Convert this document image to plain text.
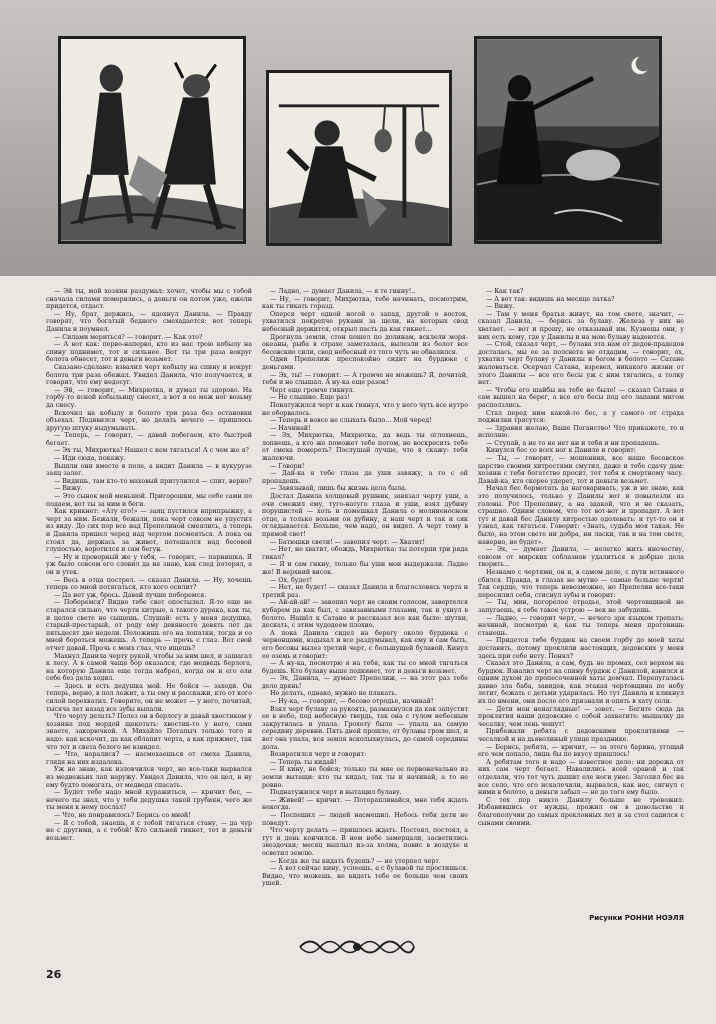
— Эй ты, мой хозяин раздумал: хочет, чтобы мы с тобой сначала силами померились, а деньги он потом уже, ежели придется, отдаст.

— Ну, брат, держись, — ядохнул Данила. — Правду говорят, что богатый бедного смехадается: вот теперь Данила и поумнел.

— Силами мериться? — говорит. — Как это?

— А вот как: перво-наперво, кто из нас трою кобылу на спину поднимет, тот и сильнее. Вот ты три раза вокруг болота обнесет, тот и деньги возьмет.

Сказано-сделано: взвалил черт кобылу на спину и вокруг болота три раза обежал. Увидел Данила, что получается, и говорит, что ему недосуг.

— Эй, — говорит, — Михрютка, и думал ты здорово. На горбу-то ясной кобыльицу снесет, а вот я ее меж ног возьму да снесу.

Вскочил на кобылу и болото три раза без остановки объехал. Подивился черт, но делать нечего — пришлось другую штуку выдумывать.

— Теперь, — говорит, — давай побегаем, кто быстрей бегает.

— Эх ты, Михрютка! Нашел с кем тягаться! А с чем же я?

— Иди сюда, покажу.

Вышли они вместе в поле, а видит Данила — в кукурузе заяц залег.

— Видишь, там кто-то маховый притулился — спит, верно?

— Вижу.

— Это сынок мой меньшой. Пригорошки, мы себе сами по подаем, вот ты за ним и беги.

Как крикнет: «Ату его!» — заяц пустился вприпрыжку, а черт за ним. Бежали, бежали, пока черт совсем не упустил из виду. До сих пор все над Препелиной смеялись, а теперь и Данила пришел черед над чертом посмеяться. А пока он стоял да, держась за живот, потешался над бесовой глупостью, воротился и сам бегун.

— Ну и проворный же у тебя, — говорит, — парнишка. Я уж было совсем его словил да не знаю, как след потерял, а он и утек.

— Весь в отца пострел. — сказал Данила. — Ну, хочешь теперь со мной потягаться, кто кого осилит?

— Да нет уж, брось. Давай лучше поборемся.

— Поборемся? Видно тебе свет опостылел. Я-то еще не старался сильно, что черти хитрые, а такого дурака, как ты, и целое свете не сыщешь. Слушай: есть у меня дедушка, старый-престарый, от роду ему девяносто девять лет да пятьдесят две недели. Положишь его на лопатки, тогда и со мной бороться можешь. А теперь — прочь с глаз. Вот свой отчет давай. Прочь с моих глаз, что ищешь?

Махнул Данила черту рукой, чтобы за ним шел, и зашагал к лесу. А в самой чаще бор оказался, где медведь берлога, на которую Данила еще тогда набрел, когда он и его ели себе без дела ходил.

— Здесь и есть дедушка мой. Не бойся — заходи. Он теперь, верно, в пол лежит, а ты ему и расскажи, кто от кого силой перехватил. Говорите, он не может — у него, почитай, тысяча лет назад все зубы выпали.

Что черту делать? Полез он в берлогу и давай хвостиком у хозяина под мордой щекотать: хвостик-то у него, сами знаете, закорючкой. А Михайло Потапыч только того и надо: как вскочит, да как облапит черта, а как прижмет, так что тот и света белого не взвидел.

— Что, наралися? — насмехаешься от смеха Данила, глядя на них издалека.

Уж не знаю, как изловчился черт, но все-таки вырвался из медвежьих лап наружу. Увидел Данила, что он цел, и ну ему будто помогать, от медведя спасать.

— Будет тебе надо мной куражиться, — кричит бес, — нечего ты знал, что у тебя дедушка такой грубиян, чего же ты меня к нему послал?

— Что, не понравилось? Борись со мной!

— Я с тобой, знаешь, я с тобой тягаться стану, — да чур не с другими, а с тобой! Кто сильней гикнет, тот и деньги возьмет.

— Ладно, — думает Данила, — я те гикну!..

— Ну, — говорит, Михрютка, тебе начинать, посмотрим, как ты гикать горазд.

Оперся черт одной ногой о запад, другой о восток, ухватился покрепче руками за щели, на которых свод небесный держится, открыл пасть да как гикнет...

Дрогнула земли, стон пошел по долинам, всклели моря-океаны, рыба в страхе заметалась, вылезли из болот все бесовские сили, свод небесный от того чуть не обвалился.

Одни Препелиж преспокойно сидит на бурдюке с деньгами.

— Эх, ты! — говорит. — А громче не можешь? Я, почитай, тебя и не слышал. А ну-ка еще разок!

Черт еще громче гикнул.

— Не слышно. Еще раз!

Понатужился черт и как гикнул, что у него чуть все нутро не оборвалось.

— Теперь и вовсе не слыхать было... Мой черед!

— Начинай!

— Эх, Михрютка, Михрютка, да ведь ты оглохнешь, лопнешь, а кто же поможет тебе потом, не воскресить тебе от смеха помереть? Послушай лучше, что я скажу: тебя жалеючи.

— Говори!

— Дай-ка я тебе глаза да уши завяжу, а то с ей пропадешь.

— Завязывай, лишь бы жизнь цела была.

Достал Данила холщовый рушник, завязал черту уши, а очи смежил ему, туго-натуго глаза и уши, взял дубину порушистей — хоть и помешкал Данила о молниеносном отце, а только возьми он дубину, а наш черт и так и сяк оглядывается. Больше, чем надо, он видел. А черт тому в прямой свет!

— Батюшки свети! — завопил черт. — Хватит!

— Нет, не хватит, обождь, Михрютка: ты потерпи три ряда гикал?

— Я и сам гикну, только бы уши мои выдержали. Ладно же! В верхний висок.

— Ох, будет!

— Нет, не будет! — сказал Данила и благословясь черта и третий раз.

— Ай-ай-ай! — завопил черт не своим голосом, завертелся кубарем да как был, с завязанными глазами, так и ухнул в болото. Нашёл к Сатане и рассказал все как было: шутки, дескать, с этим чудодеем плохие.

А пока Данила сидел на берегу около бурдюка с червонцами, вздыхал и все раздумывал, как ему и сам быть, его бесовы вылез третий черт, с большущей булавой. Кинул ее оземь и говорит:

— А ну-ка, посмотрю я на тебя, как ты со мной тягаться будешь. Кто булаву выше подкинет, тот и деньги возьмет.

— Эх, Данила, — думает Препелиж, — на этот раз тебе дело дрянь!

Но делать, однако, нужно не плакать.

— Ну-ка, — говорит, — бесово отродье, начинай!

Взял черт булаву за рукоять, размахнулся да как запустит ее в небо, под небесную твердь, так она с гулом небесным закрутилась и упала. Грохоту было — упала на самую середину деревни. Пять дней прошло, от булавы гром шел, и вот она упала, вся земля всколыхнулась, до самой середины дола.

Возвратился черт и говорит:

— Теперь ты кидай!

— Я кину, не бойся; только ты мне ее первоначально из земли вытащи: кто ты кидал, так ты и начинай, а то не ровно.

Поднатужился черт и вытащил булаву.

— Живей! — кричит. — Поторапливайся, мне тебя ждать некогда.

— Поспешил — людей насмешил. Небось тебя дети не поведут.

Что черту делать — пришлось ждать. Постоял, постоял, а тут и день кончился. В нем небе замерцали, засветились звездочки; месяц выплыл из-за холма, повис в воздухе и осветил землю.

— Когда же ты кидать будешь? — не утерпел черт.

— А вот сейчас кину, успеешь, а с булавой ты простишься. Видно, что можешь, не видать тебе ее больше чем своих ушей.

— Как так?

— А вот так: видишь на месяце латка?

— Вижу.

— Там у меня братья живут, на том свете, значит, — сказал Данила, — берись за булаву. Железа у них не хватает, — вот и прошу, не отказывай им. Кузнецы они, у них есть кому, где у Данилы и на мою булаву надеются.

— Стой, сказал черт, — булава эта нам от дедов-прадедов досталась, мы ее за полсвета не отдадим, — говорит, ох, ухватил черт булаву у Данилы и бегом в болото — Сатане жаловаться. Осерчал Сатана, взревел, никакого жизни от этого Данилы — все его бесы уж с ним тягались, а толку нет.

— Чтобы его шайбы на тебе не было! — сказал Сатана и сам вышел на берег, а все его бесы под его лапами мигом расползлись.

Стал перед ним какой-то бес, а у самого от страха поджилки трясутся:

— Здравия желаю, Ваше Поганство! Что прикажете, то и исполню.

— Ступай, а не то не нет ни и тебя и ни пропадешь.

Кинулся бес со всех ног к Даниле и говорит:

— Ты, — говорит, — мошенник, все наше бесовское царство своими хитростями смутил, даже и тебе сдачу дам: хозяин с тебя богатство просит, тот тебя к смертному часу. Давай-ка, кто скорее удерет, тот и деньги возьмет.

Начал бес бормотать да наговаривать, уж и не знаю, как это получилось, только у Данилы вот и повылезли из головы. Рот Препелину, а на эдакой, что и не сказать, страшно. Одним словом, что тот вот-вот и пропадет. А вот тут и давай бес Данилу хитростью одолевать: и тут-то он и узнал, как тягаться. Говорит: «Знать, судьба моя такая. Не было, на этом свете ни добра, ни ласки, так и на том свете, наверно, не будет».

— Эх, — думает Данила, — нелегко жить иночеству, совсем от мирских соблазнов удалиться в добрые дела творить...

Незнамо с чертями, он и, в самом деле, с пути истинного сбился. Правда, в глазах не мутно — самые больше черти! Так сердце, что теперь невозможно, но Препелин все-таки пересилил себя, стиснул зубы и говорит:

— Ты, мин, погорелое отродье, этой чертовщиной не запугаешь, я тебе такое устрою — век не забудешь.

— Ладно, — говорит черт, — нечего зря языком трепать: начинай, посмотрю я, как ты теперь меня прогонишь станешь.

— Придется тебе бурдюк на своем горбу до моей хаты доставить, потому прокляли настоящих, дедовских у меня здесь при себе нету. Понял?

Сказал это Данила, а сам, будь не промах, сел верхом на бурдюк. Взвалил черт на спину бурдюк с Данилой, взвился и одним духом до пропесоченной хаты домчал. Перепугалась давно зла баба, завидев, как этакая чертовщина по небу летит, бежать с детьми ударилась. Но тут Данила и кликнул их по имени, они после его признали и опять в хату сели.

— Дети мои ненаглядные! — зовет. — Бегите сюда да проклятия наши дедовские с собой захватите: мышалку да чесалку, чем лень чешут!

Прибежали ребята с дедовскими проклятиями — чесалкой и на дьяволиный улице празднике.

— Берись, ребята, — кричит, — за этого барина, угощай его чем попало, лишь бы по вкусу пришлось!

А ребятам того и надо — известное дело: ни дорожа от них сам черт бегает. Навалились всей оравой и так отделали, что тот чуть дышит еле ноги унес. Заголил бес на все село, что его искалечили, вырвался, как нес, сигнул с ними в болото, а деньги забыл — не до того ему было.

С тех пор никто Данилу больше не тревожил. Избавившись от нужды, прожил он в довольстве и благополучии до самых преклонных лет и за стол садился с сынами своими.

Рисунки РОННИ НОЭЛЯ
26
